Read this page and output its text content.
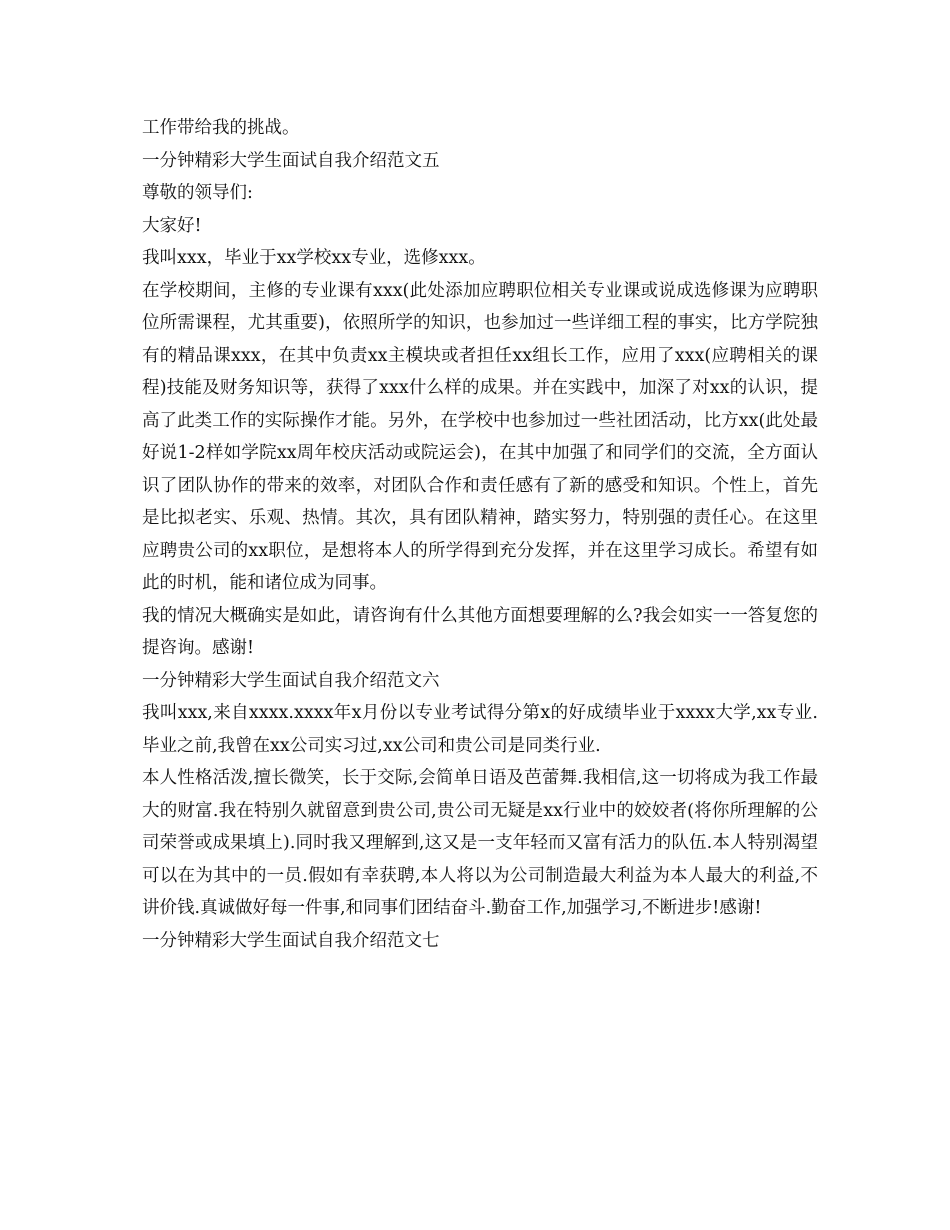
工作带给我的挑战。

一分钟精彩大学生面试自我介绍范文五

尊敬的领导们:

大家好!

我叫xxx，毕业于xx学校xx专业，选修xxx。

在学校期间，主修的专业课有xxx(此处添加应聘职位相关专业课或说成选修课为应聘职位所需课程，尤其重要)，依照所学的知识，也参加过一些详细工程的事实，比方学院独有的精品课xxx，在其中负责xx主模块或者担任xx组长工作，应用了xxx(应聘相关的课程)技能及财务知识等，获得了xxx什么样的成果。并在实践中，加深了对xx的认识，提高了此类工作的实际操作才能。另外，在学校中也参加过一些社团活动，比方xx(此处最好说1-2样如学院xx周年校庆活动或院运会)，在其中加强了和同学们的交流，全方面认识了团队协作的带来的效率，对团队合作和责任感有了新的感受和知识。个性上，首先是比拟老实、乐观、热情。其次，具有团队精神，踏实努力，特别强的责任心。在这里应聘贵公司的xx职位，是想将本人的所学得到充分发挥，并在这里学习成长。希望有如此的时机，能和诸位成为同事。

我的情况大概确实是如此，请咨询有什么其他方面想要理解的么?我会如实一一答复您的提咨询。感谢!

一分钟精彩大学生面试自我介绍范文六

我叫xxx,来自xxxx.xxxx年x月份以专业考试得分第x的好成绩毕业于xxxx大学,xx专业.毕业之前,我曾在xx公司实习过,xx公司和贵公司是同类行业.

本人性格活泼,擅长微笑，长于交际,会简单日语及芭蕾舞.我相信,这一切将成为我工作最大的财富.我在特别久就留意到贵公司,贵公司无疑是xx行业中的姣姣者(将你所理解的公司荣誉或成果填上).同时我又理解到,这又是一支年轻而又富有活力的队伍.本人特别渴望可以在为其中的一员.假如有幸获聘,本人将以为公司制造最大利益为本人最大的利益,不讲价钱.真诚做好每一件事,和同事们团结奋斗.勤奋工作,加强学习,不断进步!感谢!

一分钟精彩大学生面试自我介绍范文七
